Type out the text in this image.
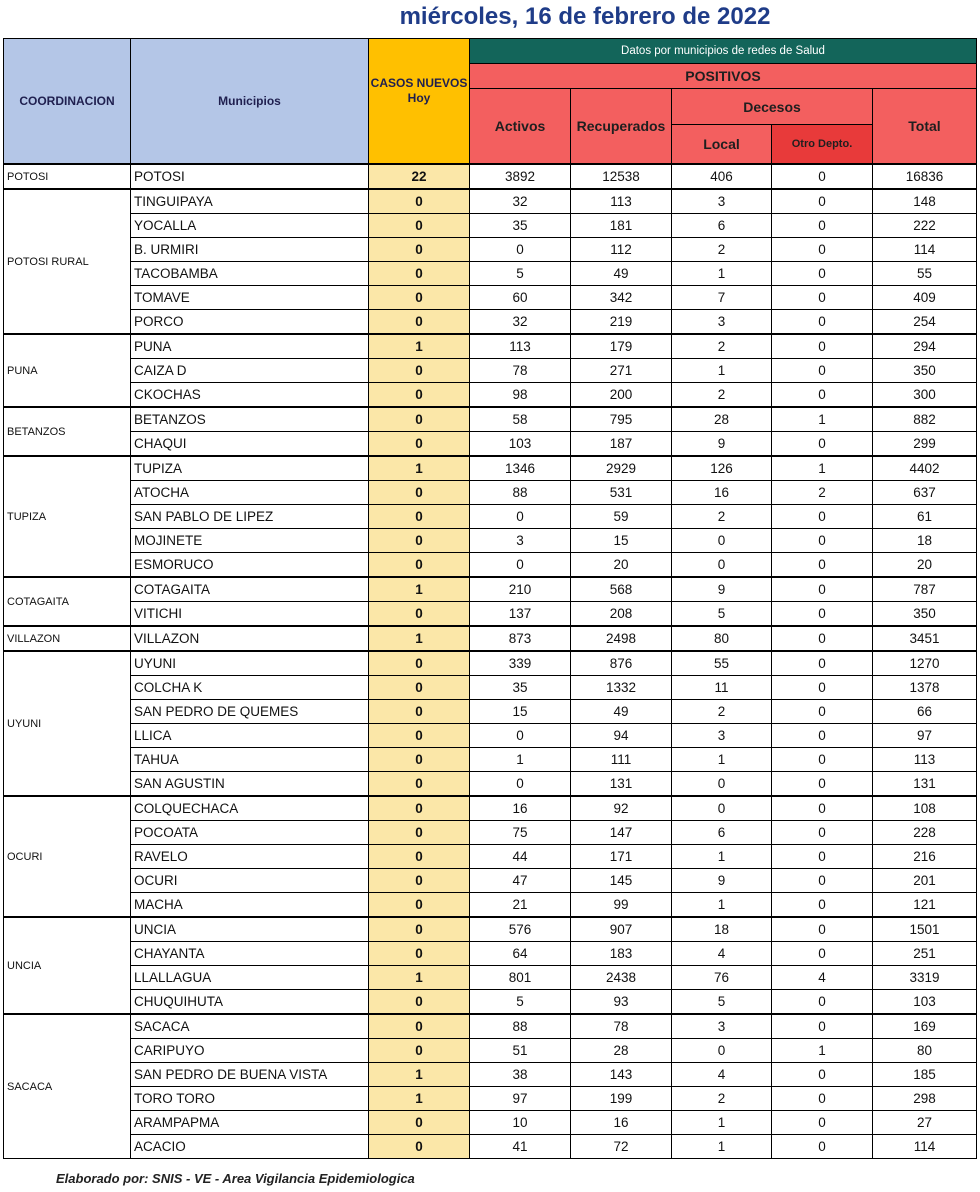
miércoles, 16 de febrero de 2022
COORDINACION	Municipios	CASOS NUEVOS Hoy	Datos por municipios de redes de Salud				
			POSITIVOS				
			Activos	Recuperados	Decesos		Total
					Local	Otro Depto.	
POTOSI	POTOSI	22	3892	12538	406	0	16836
POTOSI RURAL	TINGUIPAYA	0	32	113	3	0	148
	YOCALLA	0	35	181	6	0	222
	B. URMIRI	0	0	112	2	0	114
	TACOBAMBA	0	5	49	1	0	55
	TOMAVE	0	60	342	7	0	409
	PORCO	0	32	219	3	0	254
PUNA	PUNA	1	113	179	2	0	294
	CAIZA D	0	78	271	1	0	350
	CKOCHAS	0	98	200	2	0	300
BETANZOS	BETANZOS	0	58	795	28	1	882
	CHAQUI	0	103	187	9	0	299
TUPIZA	TUPIZA	1	1346	2929	126	1	4402
	ATOCHA	0	88	531	16	2	637
	SAN PABLO DE LIPEZ	0	0	59	2	0	61
	MOJINETE	0	3	15	0	0	18
	ESMORUCO	0	0	20	0	0	20
COTAGAITA	COTAGAITA	1	210	568	9	0	787
	VITICHI	0	137	208	5	0	350
VILLAZON	VILLAZON	1	873	2498	80	0	3451
UYUNI	UYUNI	0	339	876	55	0	1270
	COLCHA K	0	35	1332	11	0	1378
	SAN PEDRO DE QUEMES	0	15	49	2	0	66
	LLICA	0	0	94	3	0	97
	TAHUA	0	1	111	1	0	113
	SAN AGUSTIN	0	0	131	0	0	131
OCURI	COLQUECHACA	0	16	92	0	0	108
	POCOATA	0	75	147	6	0	228
	RAVELO	0	44	171	1	0	216
	OCURI	0	47	145	9	0	201
	MACHA	0	21	99	1	0	121
UNCIA	UNCIA	0	576	907	18	0	1501
	CHAYANTA	0	64	183	4	0	251
	LLALLAGUA	1	801	2438	76	4	3319
	CHUQUIHUTA	0	5	93	5	0	103
SACACA	SACACA	0	88	78	3	0	169
	CARIPUYO	0	51	28	0	1	80
	SAN PEDRO DE BUENA VISTA	1	38	143	4	0	185
	TORO TORO	1	97	199	2	0	298
	ARAMPAPMA	0	10	16	1	0	27
	ACACIO	0	41	72	1	0	114
Elaborado por: SNIS - VE - Area Vigilancia Epidemiologica
